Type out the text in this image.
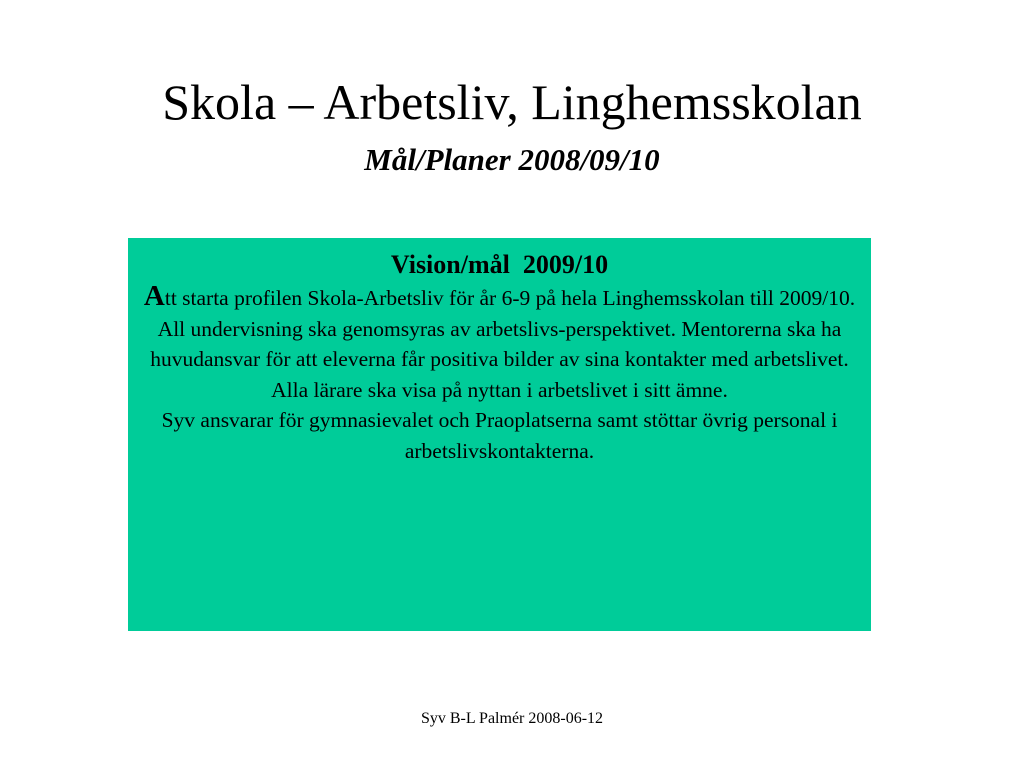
Skola – Arbetsliv, Linghemsskolan
Mål/Planer 2008/09/10
Vision/mål  2009/10

Att starta profilen Skola-Arbetsliv för år 6-9 på hela Linghemsskolan till 2009/10. All undervisning ska genomsyras av arbetslivs-perspektivet. Mentorerna ska ha huvudansvar för att eleverna får positiva bilder av sina kontakter med arbetslivet. Alla lärare ska visa på nyttan i arbetslivet i sitt ämne.

Syv ansvarar för gymnasievalet och Praoplatserna samt stöttar övrig personal i arbetslivskontakterna.

Syv B-L Palmér 2008-06-12
